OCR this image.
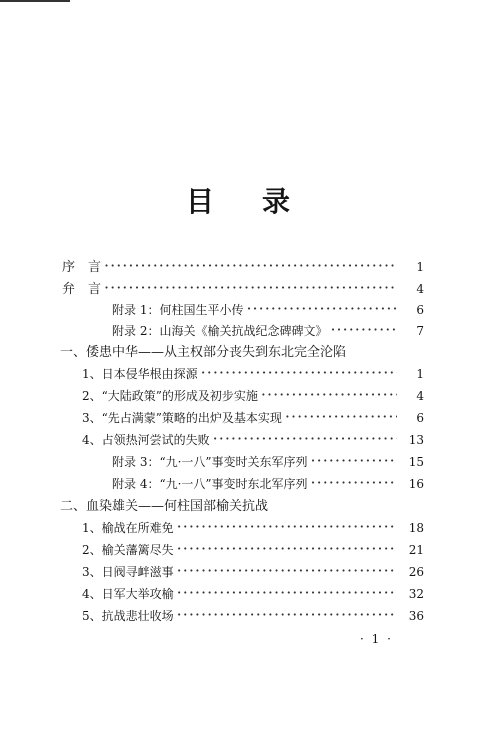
目 录
序　言 ·····	1
弁　言 ·····	4
附录 1：何柱国生平小传 ·····	6
附录 2：山海关《榆关抗战纪念碑碑文》 ·····	7
一、倭患中华——从主权部分丧失到东北完全沦陷
1、日本侵华根由探源 ·····	1
2、“大陆政策”的形成及初步实施 ·····	4
3、“先占满蒙”策略的出炉及基本实现 ·····	6
4、占领热河尝试的失败 ·····	13
附录 3：“九·一八”事变时关东军序列 ·····	15
附录 4：“九·一八”事变时东北军序列 ·····	16
二、血染雄关——何柱国部榆关抗战
1、榆战在所难免 ·····	18
2、榆关藩篱尽失 ·····	21
3、日阀寻衅滋事 ·····	26
4、日军大举攻榆 ·····	32
5、抗战悲壮收场 ·····	36
· 1 ·
